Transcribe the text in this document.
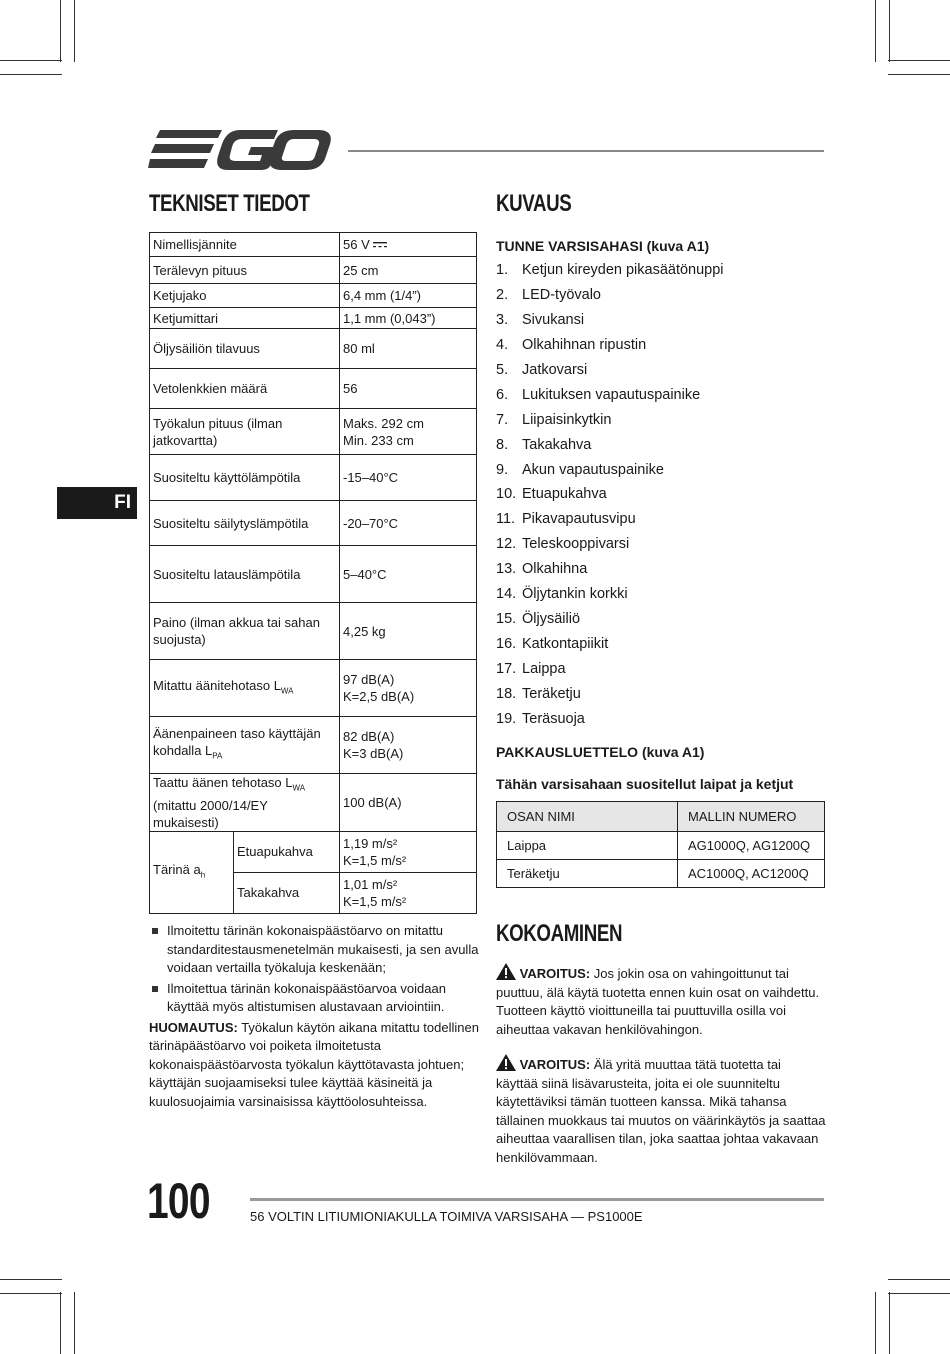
FI
TEKNISET TIEDOT
Nimellisjännite		56 V
Terälevyn pituus		25 cm
Ketjujako		6,4 mm (1/4”)
Ketjumittari		1,1 mm (0,043”)
Öljysäiliön tilavuus		80 ml
Vetolenkkien määrä		56
Työkalun pituus (ilman jatkovartta)		Maks. 292 cm
Min. 233 cm

Suositeltu käyttölämpötila		-15–40°C
Suositeltu säilytyslämpötila		-20–70°C
Suositeltu latauslämpötila		5–40°C
Paino (ilman akkua tai sahan suojusta)		4,25 kg
Mitattu äänitehotaso $L_{WA}$		97 dB(A)
K=2,5 dB(A)

Äänenpaineen taso käyttäjän kohdalla $L_{PA}$		82 dB(A)
K=3 dB(A)

Taattu äänen tehotaso $L_{WA}$ (mitattu 2000/14/EY mukaisesti)		100 dB(A)
Tärinä $a_h$	Etuapukahva	1,19 m/s²
K=1,5 m/s²

	Takakahva	1,01 m/s²
K=1,5 m/s²
Ilmoitettu tärinän kokonaispäästöarvo on mitattu standarditestausmenetelmän mukaisesti, ja sen avulla voidaan vertailla työkaluja keskenään;
Ilmoitettua tärinän kokonaispäästöarvoa voidaan käyttää myös altistumisen alustavaan arviointiin.

HUOMAUTUS: Työkalun käytön aikana mitattu todellinen tärinäpäästöarvo voi poiketa ilmoitetusta kokonaispäästöarvosta työkalun käyttötavasta johtuen; käyttäjän suojaamiseksi tulee käyttää käsineitä ja kuulosuojaimia varsinaisissa käyttöolosuhteissa.

KUVAUS
TUNNE VARSISAHASI (kuva A1)
1. Ketjun kireyden pikasäätönuppi
2. LED-työvalo
3. Sivukansi
4. Olkahihnan ripustin
5. Jatkovarsi
6. Lukituksen vapautuspainike
7. Liipaisinkytkin
8. Takakahva
9. Akun vapautuspainike
10. Etuapukahva
11. Pikavapautusvipu
12. Teleskooppivarsi
13. Olkahihna
14. Öljytankin korkki
15. Öljysäiliö
16. Katkontapiikit
17. Laippa
18. Teräketju
19. Teräsuoja
PAKKAUSLUETTELO (kuva A1)
Tähän varsisahaan suositellut laipat ja ketjut
OSAN NIMI	MALLIN NUMERO
Laippa	AG1000Q, AG1200Q
Teräketju	AC1000Q, AC1200Q
KOKOAMINEN
VAROITUS: Jos jokin osa on vahingoittunut tai puuttuu, älä käytä tuotetta ennen kuin osat on vaihdettu. Tuotteen käyttö vioittuneilla tai puuttuvilla osilla voi aiheuttaa vakavan henkilövahingon.
VAROITUS: Älä yritä muuttaa tätä tuotetta tai käyttää siinä lisävarusteita, joita ei ole suunniteltu käytettäviksi tämän tuotteen kanssa. Mikä tahansa tällainen muokkaus tai muutos on väärinkäytös ja saattaa aiheuttaa vaarallisen tilan, joka saattaa johtaa vakavaan henkilövammaan.
100	56 VOLTIN LITIUMIONIAKULLA TOIMIVA VARSISAHA — PS1000E
